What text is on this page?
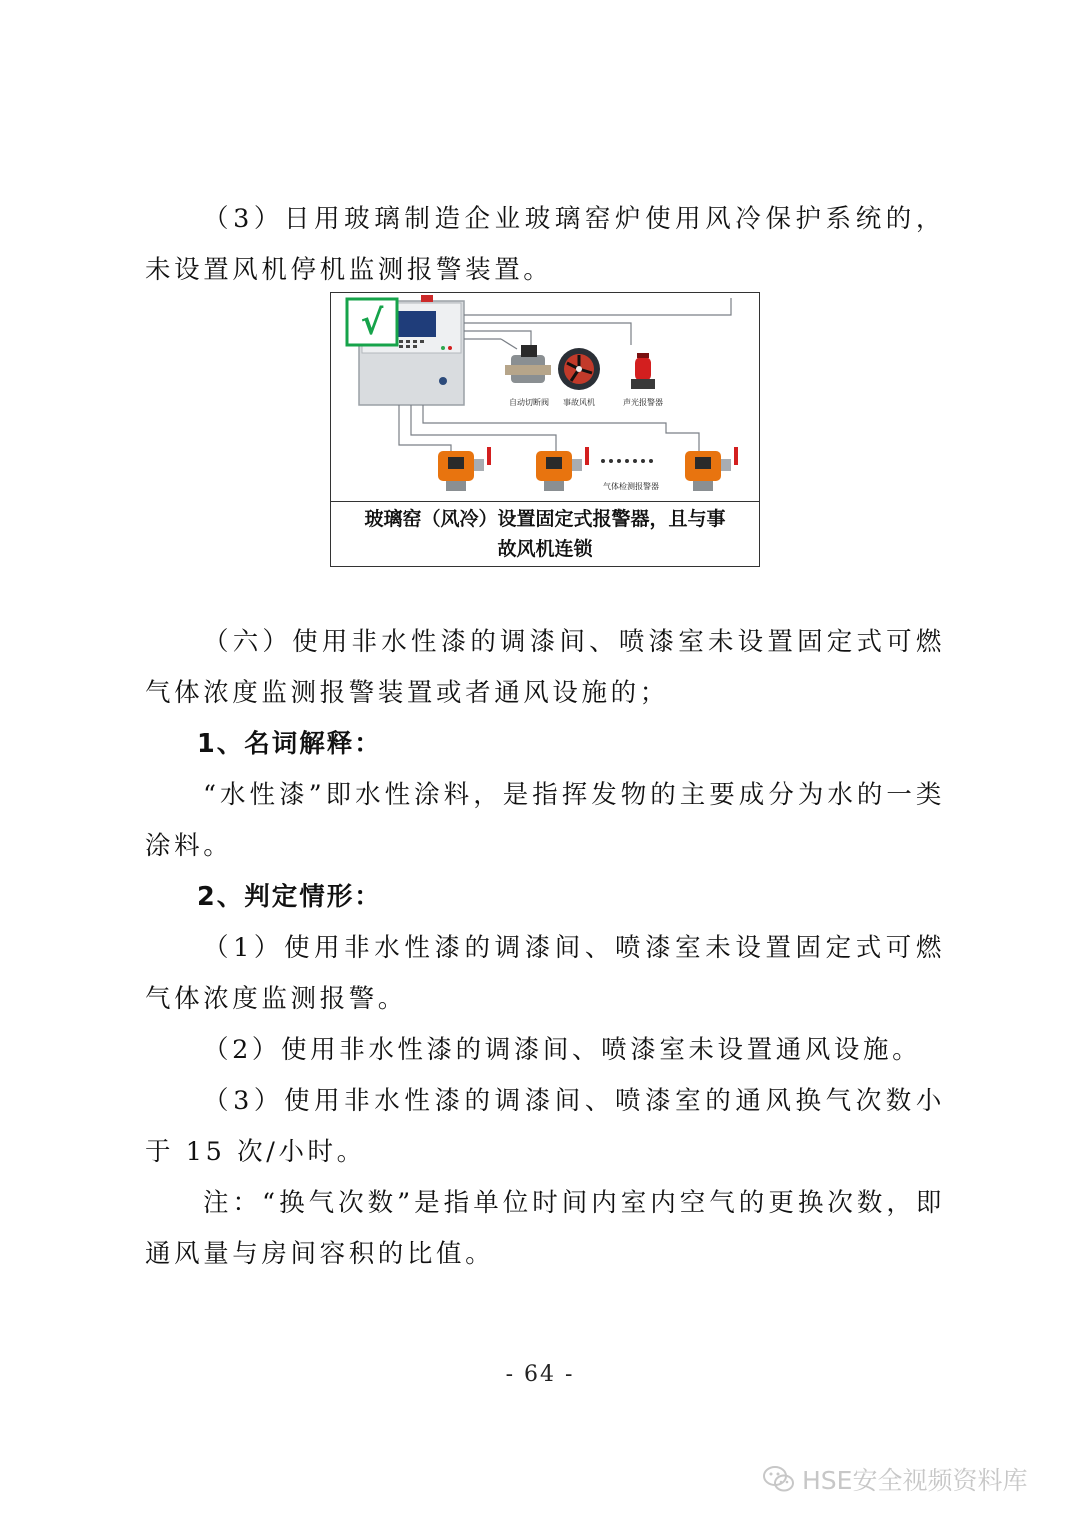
（3）日用玻璃制造企业玻璃窑炉使用风冷保护系统的，未设置风机停机监测报警装置。

√
自动切断阀 事故风机	声光报警器
气体检测报警器
玻璃窑（风冷）设置固定式报警器，且与事
故风机连锁

（六）使用非水性漆的调漆间、喷漆室未设置固定式可燃气体浓度监测报警装置或者通风设施的；

1、名词解释：

“水性漆”即水性涂料，是指挥发物的主要成分为水的一类涂料。

2、判定情形：

（1）使用非水性漆的调漆间、喷漆室未设置固定式可燃气体浓度监测报警。

（2）使用非水性漆的调漆间、喷漆室未设置通风设施。

（3）使用非水性漆的调漆间、喷漆室的通风换气次数小于 15 次/小时。

注：“换气次数”是指单位时间内室内空气的更换次数，即通风量与房间容积的比值。

- 64 -
HSE安全视频资料库
